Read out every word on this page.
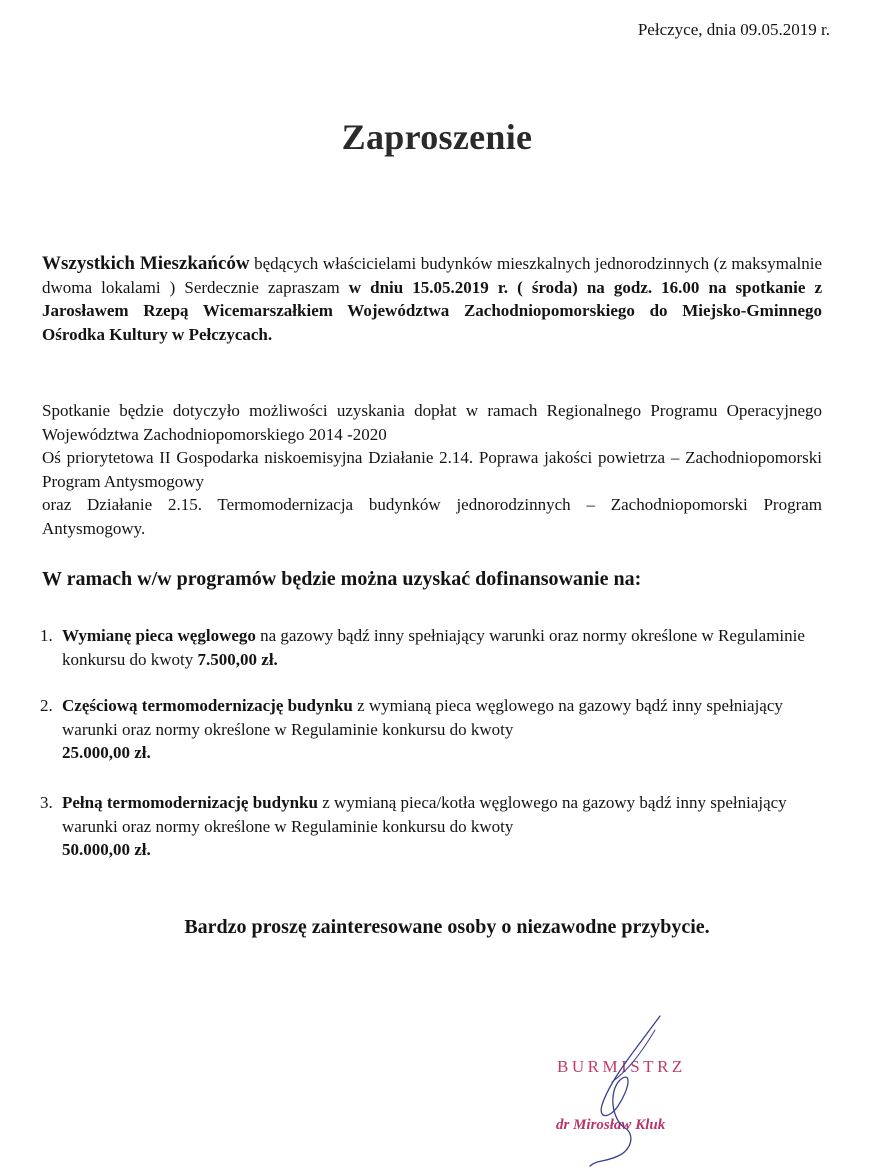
Pełczyce, dnia 09.05.2019 r.
Zaproszenie
Wszystkich Mieszkańców będących właścicielami budynków mieszkalnych jednorodzinnych (z maksymalnie dwoma lokalami ) Serdecznie zapraszam w dniu 15.05.2019 r. ( środa) na godz. 16.00 na spotkanie z Jarosławem Rzepą Wicemarszałkiem Województwa Zachodniopomorskiego do Miejsko-Gminnego Ośrodka Kultury w Pełczycach.
Spotkanie będzie dotyczyło możliwości uzyskania dopłat w ramach Regionalnego Programu Operacyjnego Województwa Zachodniopomorskiego 2014 -2020
Oś priorytetowa II Gospodarka niskoemisyjna Działanie 2.14. Poprawa jakości powietrza – Zachodniopomorski Program Antysmogowy
oraz Działanie 2.15. Termomodernizacja budynków jednorodzinnych – Zachodniopomorski Program Antysmogowy.
W ramach w/w programów będzie można uzyskać dofinansowanie na:
1. Wymianę pieca węglowego na gazowy bądź inny spełniający warunki oraz normy określone w Regulaminie konkursu do kwoty 7.500,00 zł.
2. Częściową termomodernizację budynku z wymianą pieca węglowego na gazowy bądź inny spełniający warunki oraz normy określone w Regulaminie konkursu do kwoty
25.000,00 zł.
3. Pełną termomodernizację budynku z wymianą pieca/kotła węglowego na gazowy bądź inny spełniający warunki oraz normy określone w Regulaminie konkursu do kwoty
50.000,00 zł.
Bardzo proszę zainteresowane osoby o niezawodne przybycie.
BURMISTRZ
dr Mirosław Kluk
